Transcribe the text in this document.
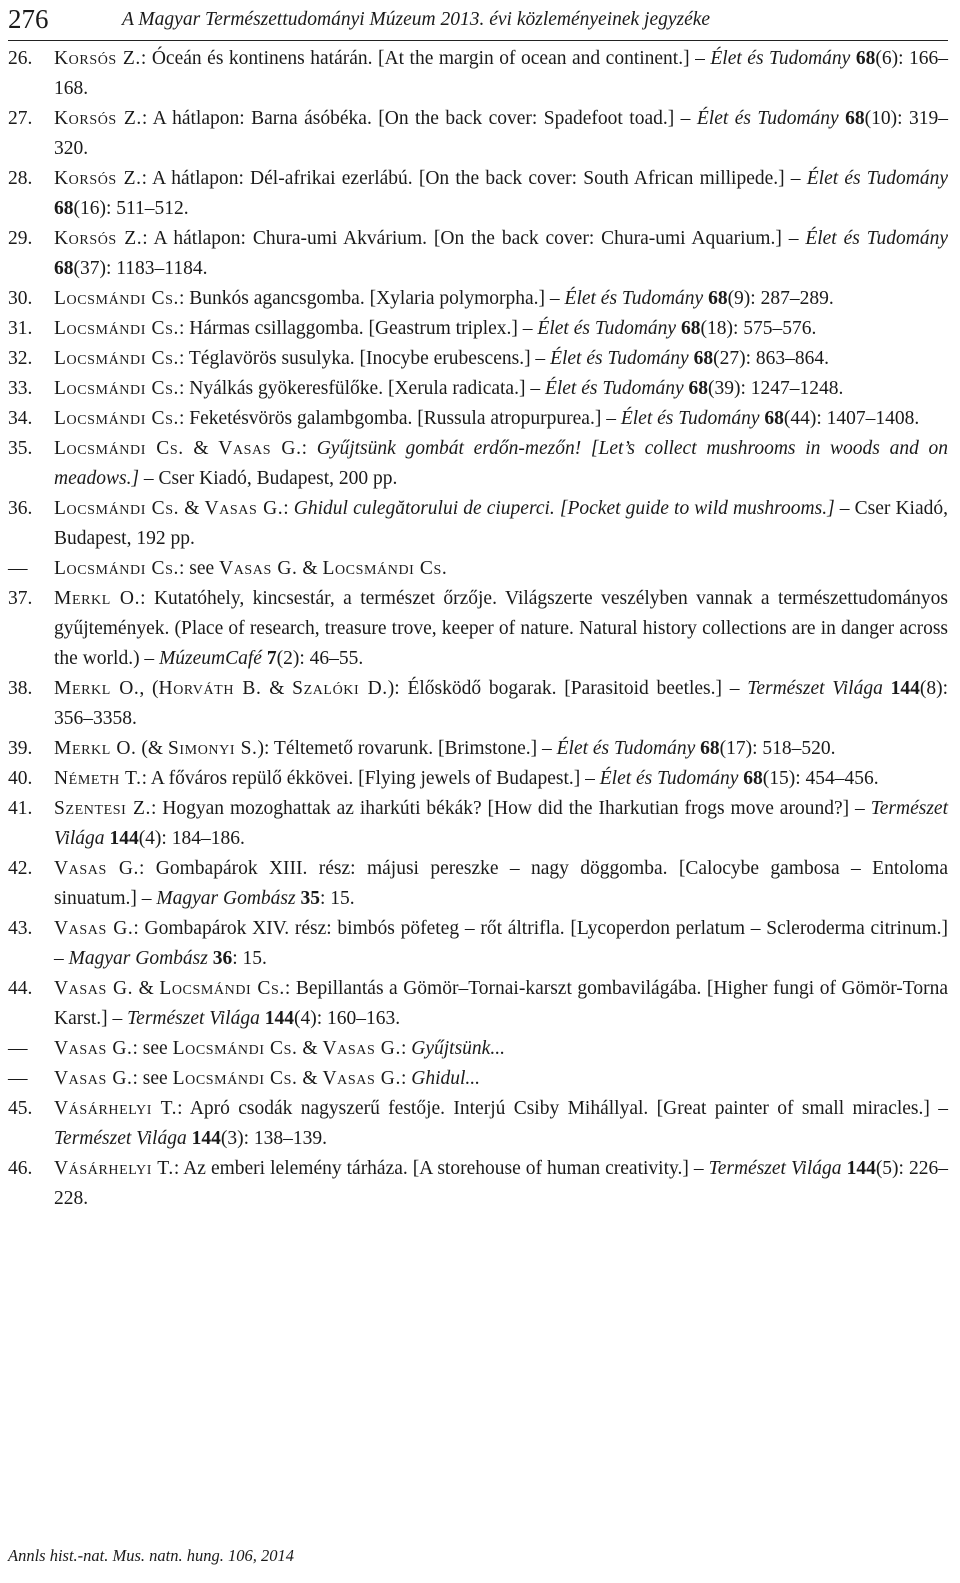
276	A Magyar Természettudományi Múzeum 2013. évi közleményeinek jegyzéke
26. Korsós Z.: Óceán és kontinens határán. [At the margin of ocean and continent.] – Élet és Tudomány 68(6): 166–168.
27. Korsós Z.: A hátlapon: Barna ásóbéka. [On the back cover: Spadefoot toad.] – Élet és Tudomány 68(10): 319–320.
28. Korsós Z.: A hátlapon: Dél-afrikai ezerlábú. [On the back cover: South African millipede.] – Élet és Tudomány 68(16): 511–512.
29. Korsós Z.: A hátlapon: Chura-umi Akvárium. [On the back cover: Chura-umi Aquarium.] – Élet és Tudomány 68(37): 1183–1184.
30. Locsmándi Cs.: Bunkós agancsgomba. [Xylaria polymorpha.] – Élet és Tudomány 68(9): 287–289.
31. Locsmándi Cs.: Hármas csillaggomba. [Geastrum triplex.] – Élet és Tudomány 68(18): 575–576.
32. Locsmándi Cs.: Téglavörös susulyka. [Inocybe erubescens.] – Élet és Tudomány 68(27): 863–864.
33. Locsmándi Cs.: Nyálkás gyökeresfülőke. [Xerula radicata.] – Élet és Tudomány 68(39): 1247–1248.
34. Locsmándi Cs.: Feketésvörös galambgomba. [Russula atropurpurea.] – Élet és Tudomány 68(44): 1407–1408.
35. Locsmándi Cs. & Vasas G.: Gyűjtsünk gombát erdőn-mezőn! [Let’s collect mushrooms in woods and on meadows.] – Cser Kiadó, Budapest, 200 pp.
36. Locsmándi Cs. & Vasas G.: Ghidul culegătorului de ciuperci. [Pocket guide to wild mushrooms.] – Cser Kiadó, Budapest, 192 pp.
— Locsmándi Cs.: see Vasas G. & Locsmándi Cs.
37. Merkl O.: Kutatóhely, kincsestár, a természet őrzője. Világszerte veszélyben vannak a természettudományos gyűjtemények. (Place of research, treasure trove, keeper of nature. Natural history collections are in danger across the world.) – MúzeumCafé 7(2): 46–55.
38. Merkl O., (Horváth B. & Szalóki D.): Élősködő bogarak. [Parasitoid beetles.] – Természet Világa 144(8): 356–3358.
39. Merkl O. (& Simonyi S.): Téltemető rovarunk. [Brimstone.] – Élet és Tudomány 68(17): 518–520.
40. Németh T.: A főváros repülő ékkövei. [Flying jewels of Budapest.] – Élet és Tudomány 68(15): 454–456.
41. Szentesi Z.: Hogyan mozoghattak az iharkúti békák? [How did the Iharkutian frogs move around?] – Természet Világa 144(4): 184–186.
42. Vasas G.: Gombapárok XIII. rész: májusi pereszke – nagy döggomba. [Calocybe gambosa – Entoloma sinuatum.] – Magyar Gombász 35: 15.
43. Vasas G.: Gombapárok XIV. rész: bimbós pöfeteg – rőt áltrifla. [Lycoperdon perlatum – Scleroderma citrinum.] – Magyar Gombász 36: 15.
44. Vasas G. & Locsmándi Cs.: Bepillantás a Gömör–Tornai-karszt gombavilágába. [Higher fungi of Gömör-Torna Karst.] – Természet Világa 144(4): 160–163.
— Vasas G.: see Locsmándi Cs. & Vasas G.: Gyűjtsünk...
— Vasas G.: see Locsmándi Cs. & Vasas G.: Ghidul...
45. Vásárhelyi T.: Apró csodák nagyszerű festője. Interjú Csiby Mihállyal. [Great painter of small miracles.] – Természet Világa 144(3): 138–139.
46. Vásárhelyi T.: Az emberi lelemény tárháza. [A storehouse of human creativity.] – Természet Világa 144(5): 226–228.
Annls hist.-nat. Mus. natn. hung. 106, 2014
